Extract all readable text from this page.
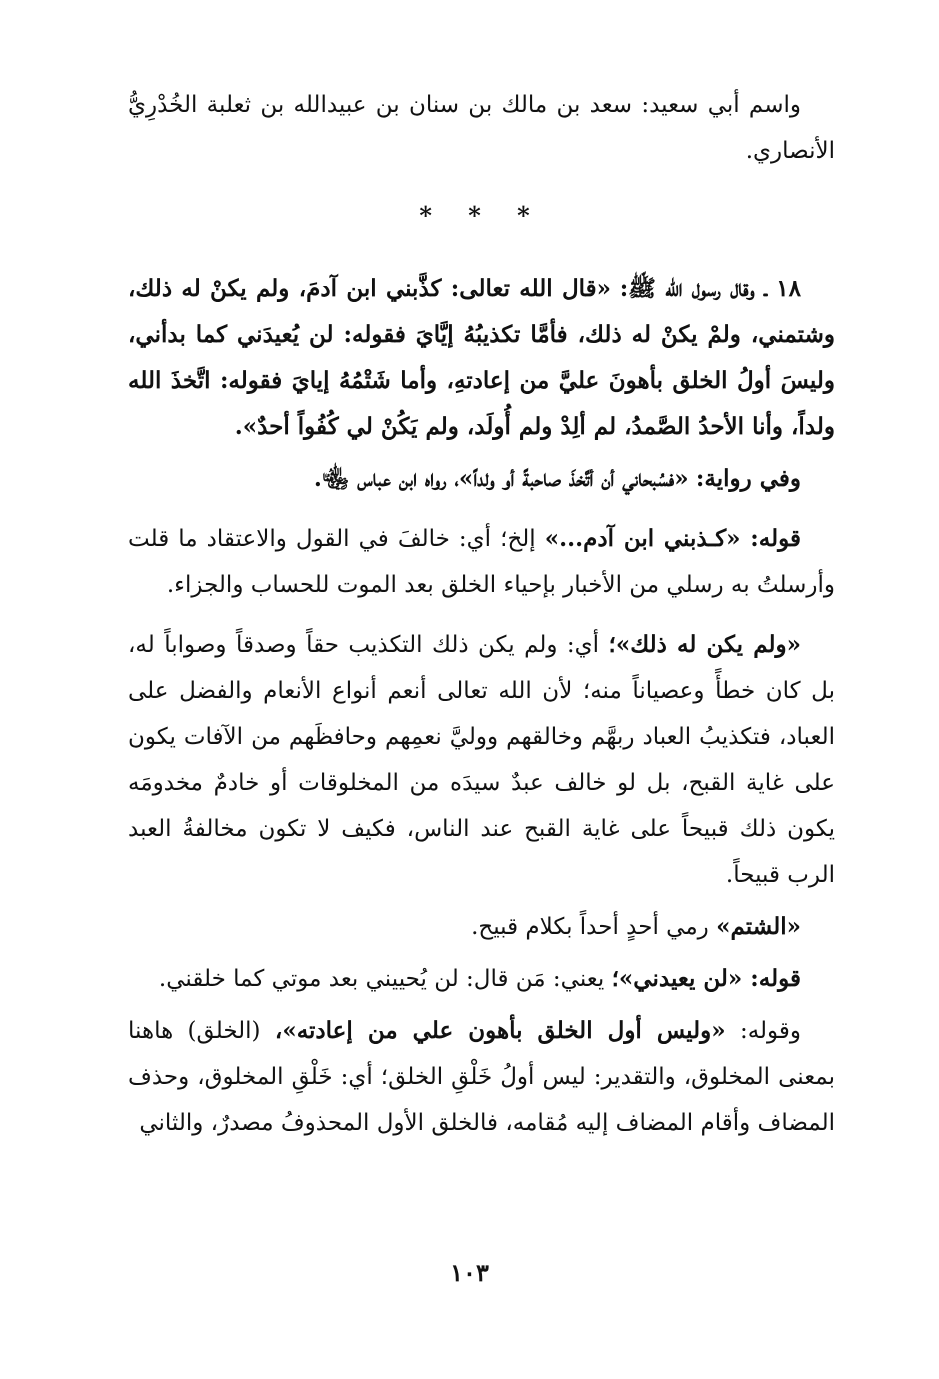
واسم أبي سعيد: سعد بن مالك بن سنان بن عبيدالله بن ثعلبة الخُدْرِيُّ الأنصاري.

* * *

١٨ ـ وقال رسول الله ﷺ: «قال الله تعالى: كذَّبني ابن آدمَ، ولم يكنْ له ذلك، وشتمني، ولمْ يكنْ له ذلك، فأمَّا تكذيبُهُ إيَّايَ فقوله: لن يُعيدَني كما بدأني، وليسَ أولُ الخلق بأهونَ عليَّ من إعادتهِ، وأما شَتْمُهُ إيايَ فقوله: اتَّخذَ الله ولداً، وأنا الأحدُ الصَّمدُ، لم ألِدْ ولم أُولَد، ولم يَكُنْ لي كُفُواً أحدٌ».

وفي رواية: «فسُبحاني أن أتَّخذَ صاحبةً أو ولداً»، رواه ابن عباس ﵄.

قوله: «كـذبني ابن آدم...» إلخ؛ أي: خالفَ في القول والاعتقاد ما قلت وأرسلتُ به رسلي من الأخبار بإحياء الخلق بعد الموت للحساب والجزاء.

«ولم يكن له ذلك»؛ أي: ولم يكن ذلك التكذيب حقاً وصدقاً وصواباً له، بل كان خطأً وعصياناً منه؛ لأن الله تعالى أنعم أنواع الأنعام والفضل على العباد، فتكذيبُ العباد ربهَّم وخالقهم ووليَّ نعمِهم وحافظَهم من الآفات يكون على غاية القبح، بل لو خالف عبدٌ سيدَه من المخلوقات أو خادمٌ مخدومَه يكون ذلك قبيحاً على غاية القبح عند الناس، فكيف لا تكون مخالفةُ العبد الرب قبيحاً.

«الشتم» رمي أحدٍ أحداً بكلام قبيح.

قوله: «لن يعيدني»؛ يعني: مَن قال: لن يُحييني بعد موتي كما خلقني.

وقوله: «وليس أول الخلق بأهون علي من إعادته»، (الخلق) هاهنا بمعنى المخلوق، والتقدير: ليس أولُ خَلْقِ الخلق؛ أي: خَلْقِ المخلوق، وحذف المضاف وأقام المضاف إليه مُقامه، فالخلق الأول المحذوفُ مصدرٌ، والثاني

١٠٣
